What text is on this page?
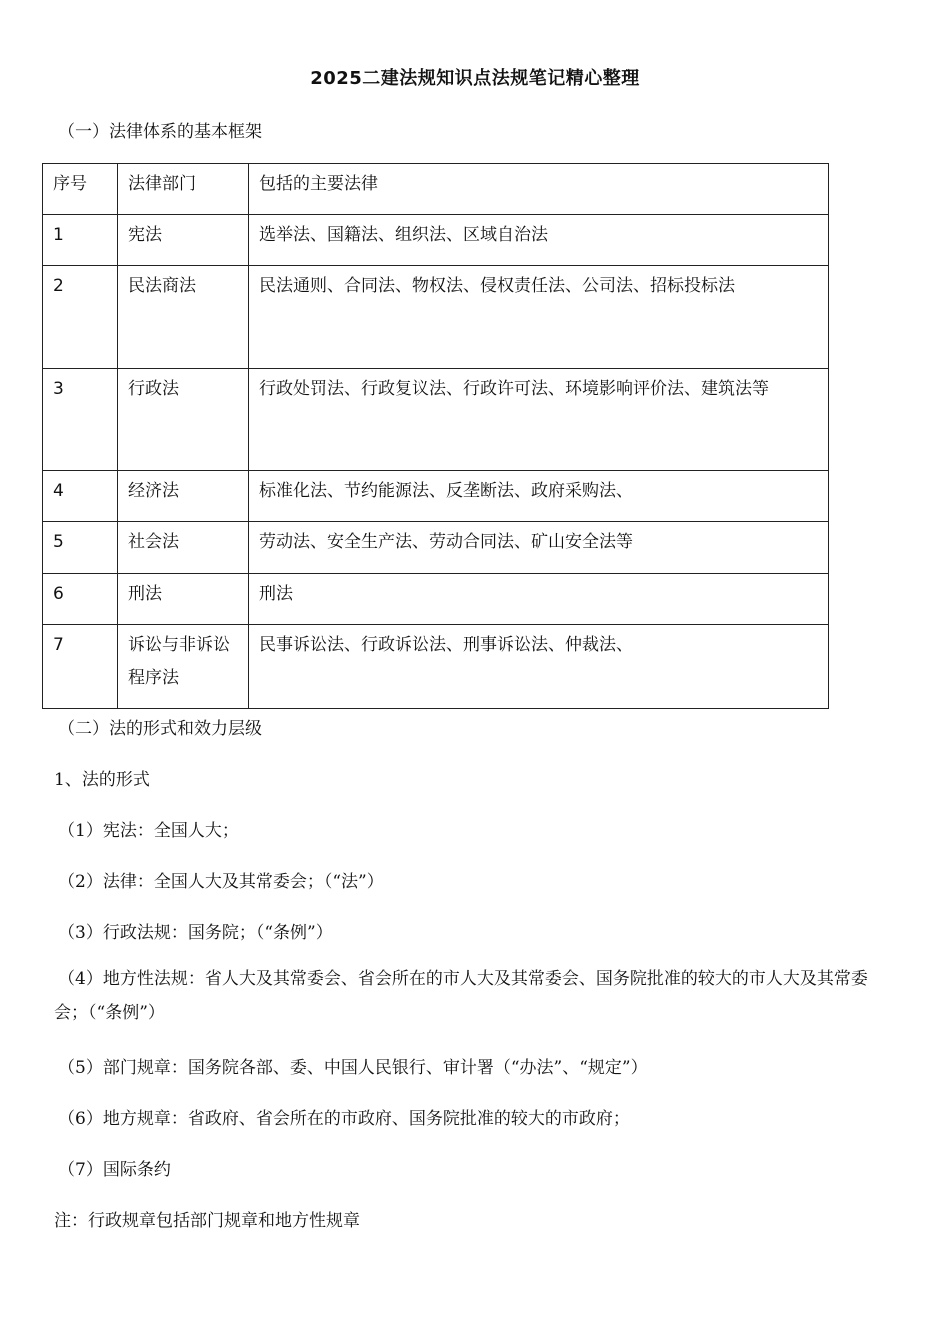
2025二建法规知识点法规笔记精心整理
（一）法律体系的基本框架
序号	法律部门	包括的主要法律
1	宪法	选举法、国籍法、组织法、区域自治法
2	民法商法	民法通则、合同法、物权法、侵权责任法、公司法、招标投标法
3	行政法	行政处罚法、行政复议法、行政许可法、环境影响评价法、建筑法等
4	经济法	标准化法、节约能源法、反垄断法、政府采购法、
5	社会法	劳动法、安全生产法、劳动合同法、矿山安全法等
6	刑法	刑法
7	诉讼与非诉讼程序法	民事诉讼法、行政诉讼法、刑事诉讼法、仲裁法、
（二）法的形式和效力层级
1、法的形式
（1）宪法：全国人大；
（2）法律：全国人大及其常委会；（“法”）
（3）行政法规：国务院；（“条例”）
（4）地方性法规：省人大及其常委会、省会所在的市人大及其常委会、国务院批准的较大的市人大及其常委会；（“条例”）
（5）部门规章：国务院各部、委、中国人民银行、审计署（“办法”、“规定”）
（6）地方规章：省政府、省会所在的市政府、国务院批准的较大的市政府；
（7）国际条约
注：行政规章包括部门规章和地方性规章
